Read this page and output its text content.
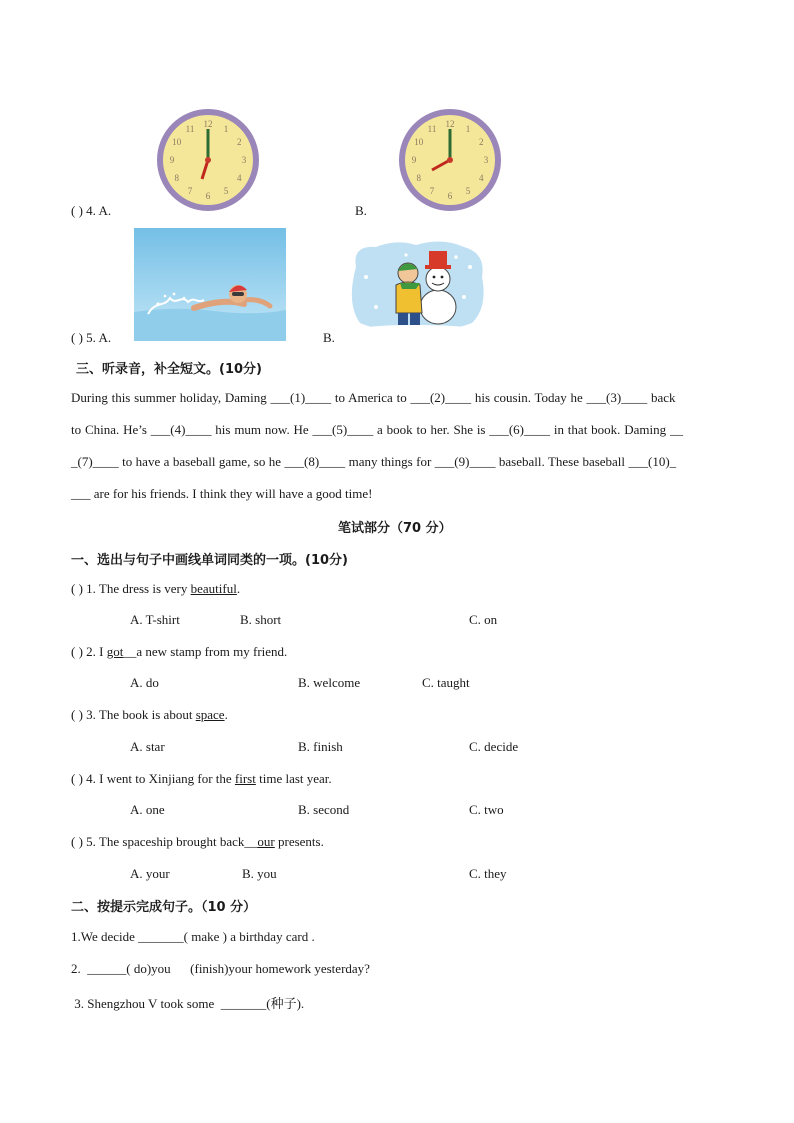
12 1
2
3
4
5
6
7
8
9
10
11	12 1
2
3
4
5
6
7
8
9
10
11
( ) 4. A.	B.
( ) 5. A.	B.
三、听录音，补全短文。(10分)
During this summer holiday, Daming ___(1)____ to America to ___(2)____ his cousin. Today he ___(3)____ back
to China. He’s ___(4)____ his mum now. He ___(5)____ a book to her. She is ___(6)____ in that book. Daming __
_(7)____ to have a baseball game, so he ___(8)____ many things for ___(9)____ baseball. These baseball ___(10)_
___ are for his friends. I think they will have a good time!
笔试部分（70 分）
一、选出与句子中画线单词同类的一项。(10分)
( ) 1. The dress is very beautiful.
A. T-shirt	B. short	C. on
( ) 2. I got__a new stamp from my friend.
A. do	B. welcome	C. taught
( ) 3. The book is about space.
A. star	B. finish	C. decide
( ) 4. I went to Xinjiang for the first time last year.
A. one	B. second	C. two
( ) 5. The spaceship brought back__our presents.
A. your	B. you	C. they
二、按提示完成句子。（10 分）
1.We decide _______( make ) a birthday card .
2.  ______( do)you      (finish)your homework yesterday?
3. Shengzhou V took some  _______(种子).
